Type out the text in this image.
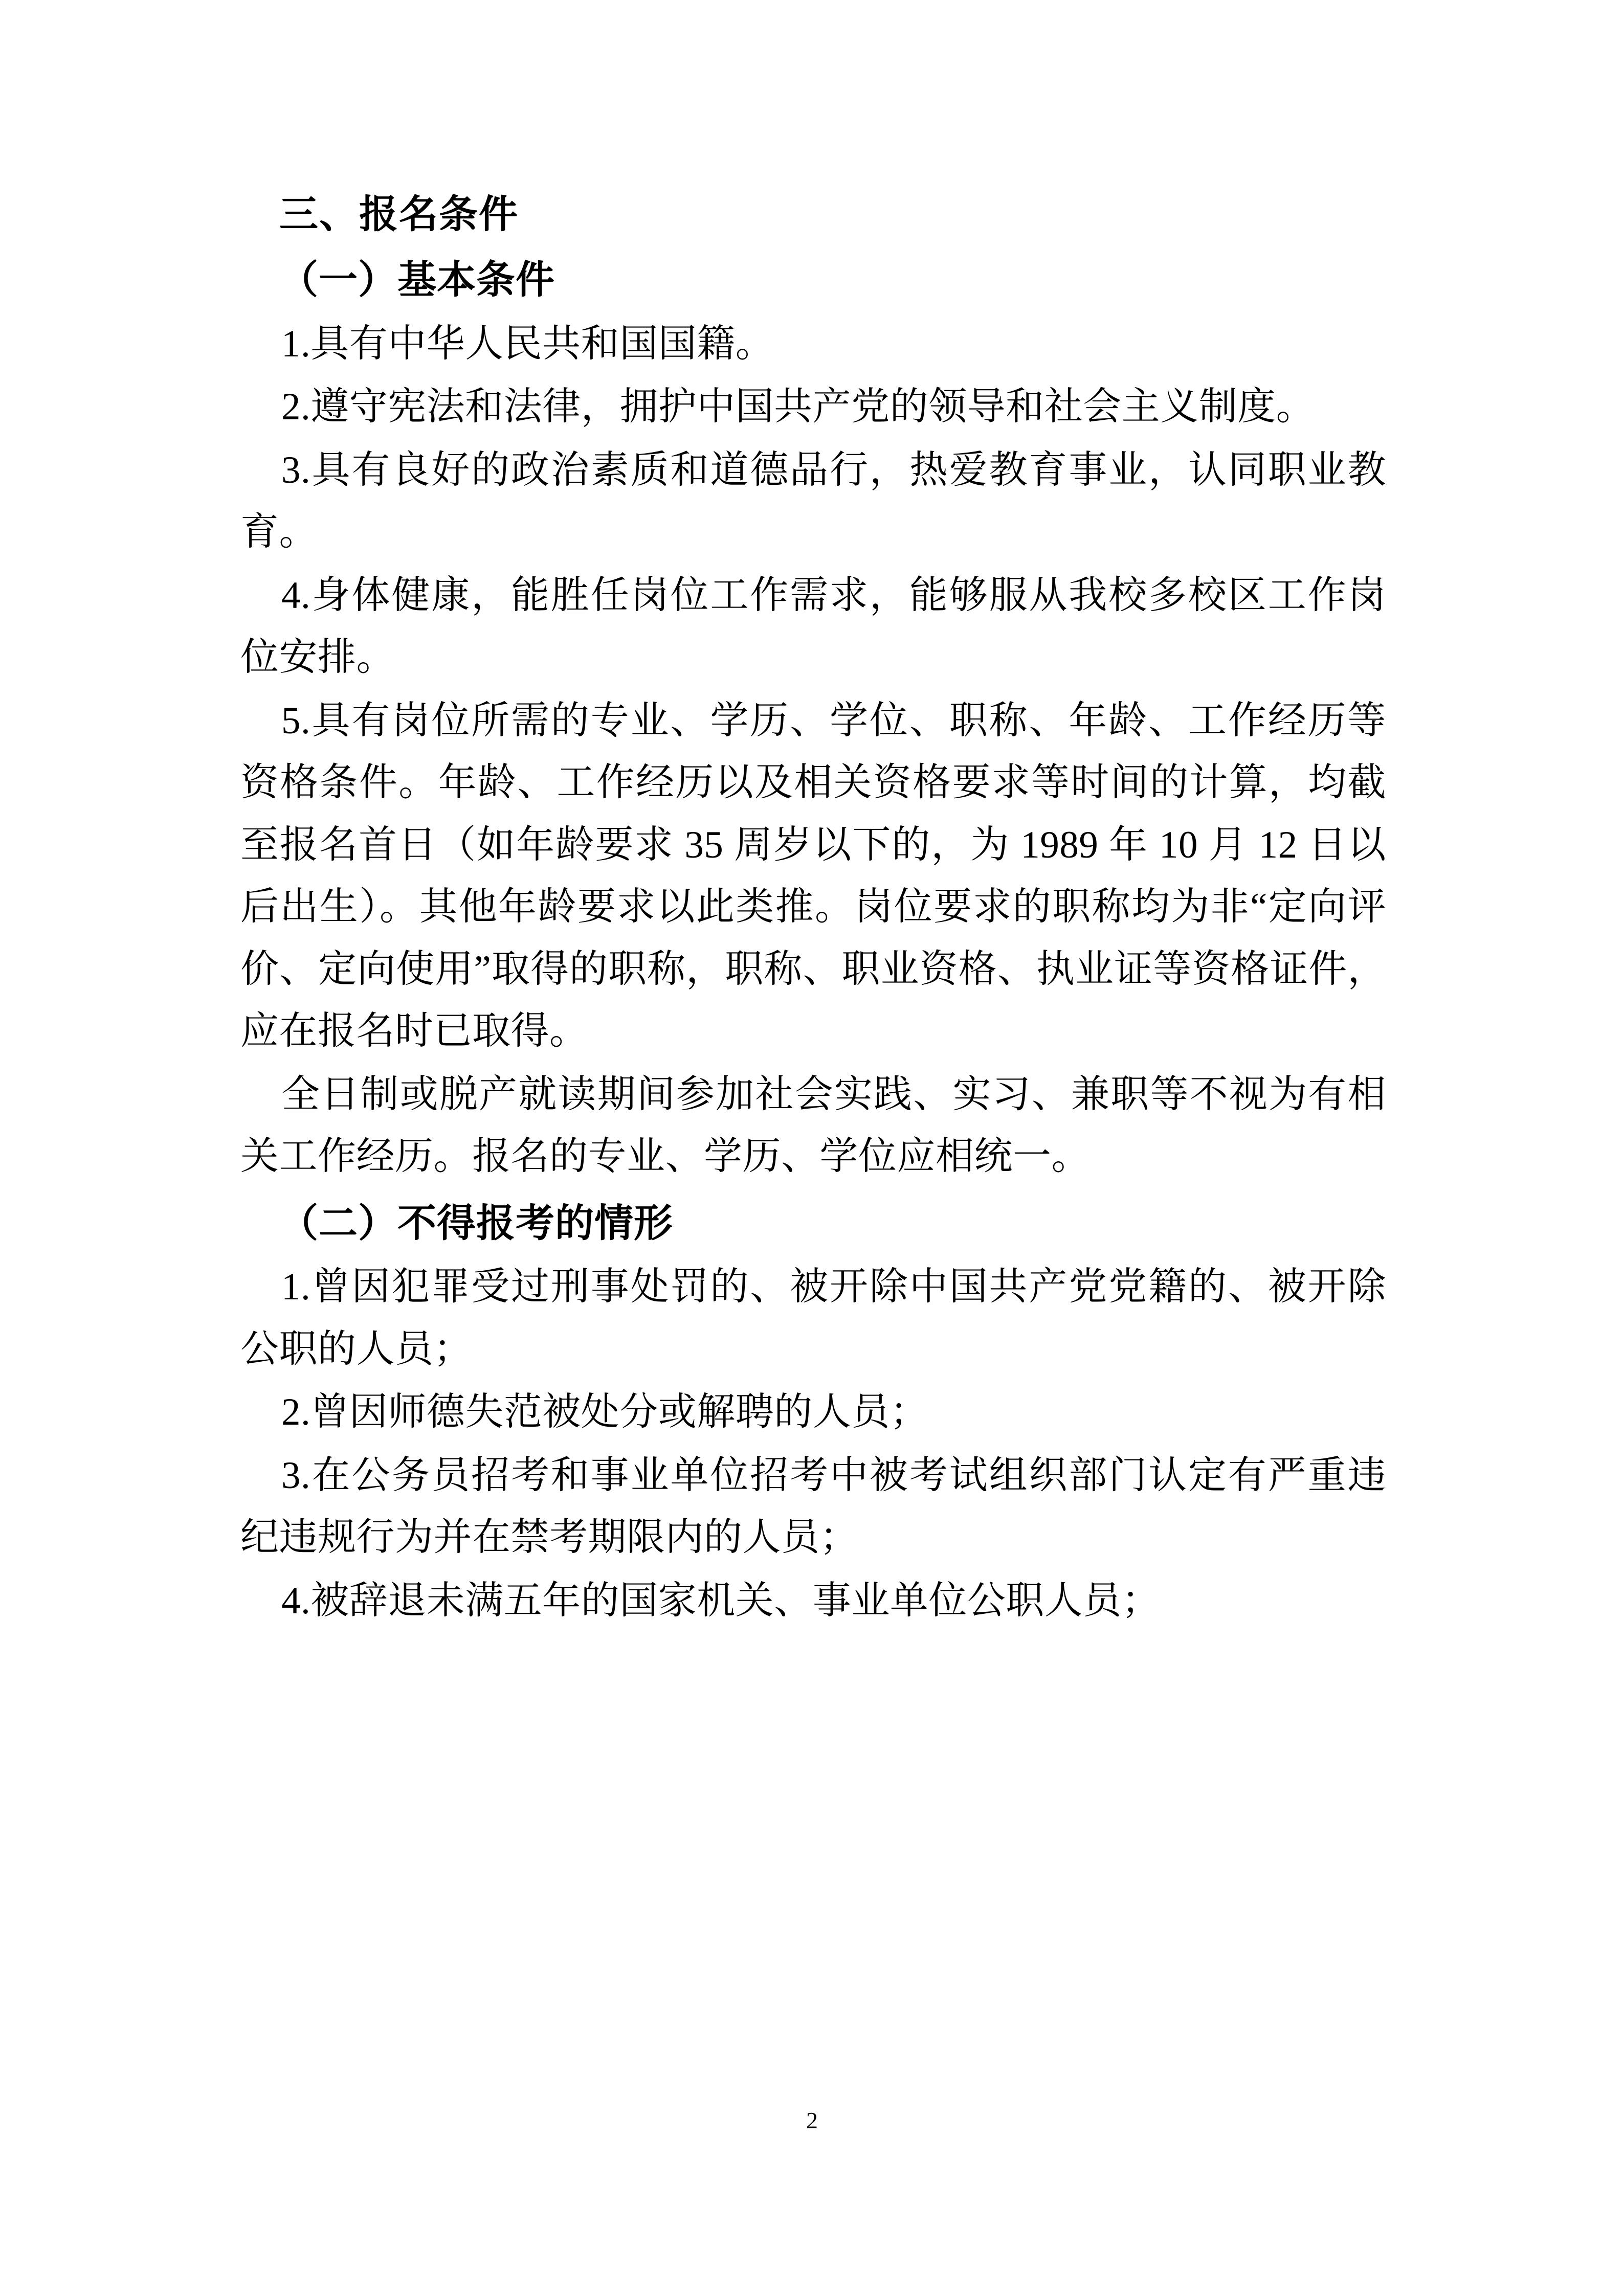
三、报名条件
（一）基本条件

1.具有中华人民共和国国籍。

2.遵守宪法和法律，拥护中国共产党的领导和社会主义制度。

3.具有良好的政治素质和道德品行，热爱教育事业，认同职业教育。

4.身体健康，能胜任岗位工作需求，能够服从我校多校区工作岗位安排。

5.具有岗位所需的专业、学历、学位、职称、年龄、工作经历等资格条件。年龄、工作经历以及相关资格要求等时间的计算，均截至报名首日（如年龄要求 35 周岁以下的，为 1989 年 10 月 12 日以后出生）。其他年龄要求以此类推。岗位要求的职称均为非“定向评价、定向使用”取得的职称，职称、职业资格、执业证等资格证件，应在报名时已取得。

全日制或脱产就读期间参加社会实践、实习、兼职等不视为有相关工作经历。报名的专业、学历、学位应相统一。

（二）不得报考的情形

1.曾因犯罪受过刑事处罚的、被开除中国共产党党籍的、被开除公职的人员；

2.曾因师德失范被处分或解聘的人员；

3.在公务员招考和事业单位招考中被考试组织部门认定有严重违纪违规行为并在禁考期限内的人员；

4.被辞退未满五年的国家机关、事业单位公职人员；

2
